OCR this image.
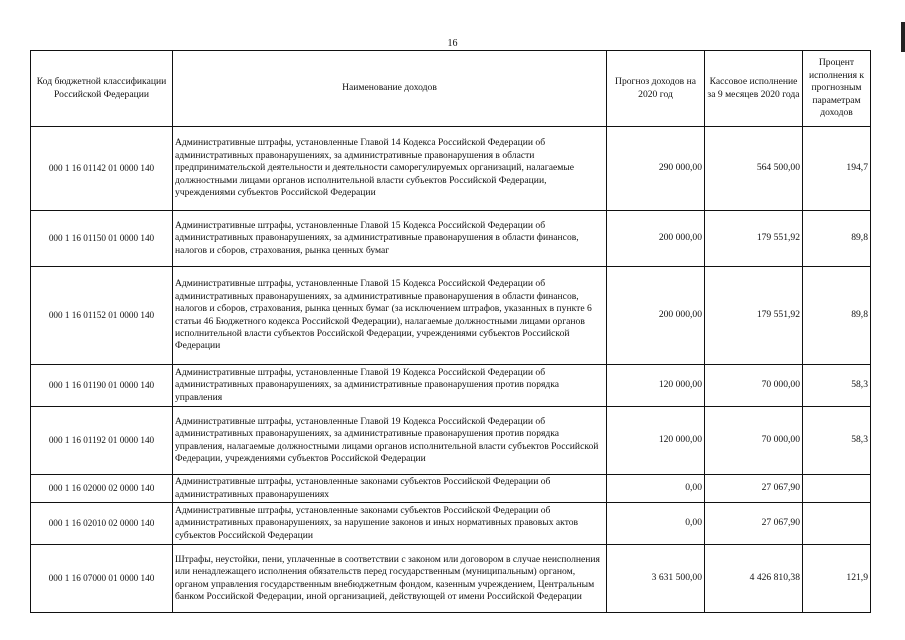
16
Код бюджетной классификации Российской Федерации	Наименование доходов	Прогноз доходов на 2020 год	Кассовое исполнение за 9 месяцев 2020 года	Процент исполнения к прогнозным параметрам доходов
000 1 16 01142 01 0000 140	Административные штрафы, установленные Главой 14 Кодекса Российской Федерации об административных правонарушениях, за административные правонарушения в области предпринимательской деятельности и деятельности саморегулируемых организаций, налагаемые должностными лицами органов исполнительной власти субъектов Российской Федерации, учреждениями субъектов Российской Федерации	290 000,00	564 500,00	194,7
000 1 16 01150 01 0000 140	Административные штрафы, установленные Главой 15 Кодекса Российской Федерации об административных правонарушениях, за административные правонарушения в области финансов, налогов и сборов, страхования, рынка ценных бумаг	200 000,00	179 551,92	89,8
000 1 16 01152 01 0000 140	Административные штрафы, установленные Главой 15 Кодекса Российской Федерации об административных правонарушениях, за административные правонарушения в области финансов, налогов и сборов, страхования, рынка ценных бумаг (за исключением штрафов, указанных в пункте 6 статьи 46 Бюджетного кодекса Российской Федерации), налагаемые должностными лицами органов исполнительной власти субъектов Российской Федерации, учреждениями субъектов Российской Федерации	200 000,00	179 551,92	89,8
000 1 16 01190 01 0000 140	Административные штрафы, установленные Главой 19 Кодекса Российской Федерации об административных правонарушениях, за административные правонарушения против порядка управления	120 000,00	70 000,00	58,3
000 1 16 01192 01 0000 140	Административные штрафы, установленные Главой 19 Кодекса Российской Федерации об административных правонарушениях, за административные правонарушения против порядка управления, налагаемые должностными лицами органов исполнительной власти субъектов Российской Федерации, учреждениями субъектов Российской Федерации	120 000,00	70 000,00	58,3
000 1 16 02000 02 0000 140	Административные штрафы, установленные законами субъектов Российской Федерации об административных правонарушениях	0,00	27 067,90	
000 1 16 02010 02 0000 140	Административные штрафы, установленные законами субъектов Российской Федерации об административных правонарушениях, за нарушение законов и иных нормативных правовых актов субъектов Российской Федерации	0,00	27 067,90	
000 1 16 07000 01 0000 140	Штрафы, неустойки, пени, уплаченные в соответствии с законом или договором в случае неисполнения или ненадлежащего исполнения обязательств перед государственным (муниципальным) органом, органом управления государственным внебюджетным фондом, казенным учреждением, Центральным банком Российской Федерации, иной организацией, действующей от имени Российской Федерации	3 631 500,00	4 426 810,38	121,9
